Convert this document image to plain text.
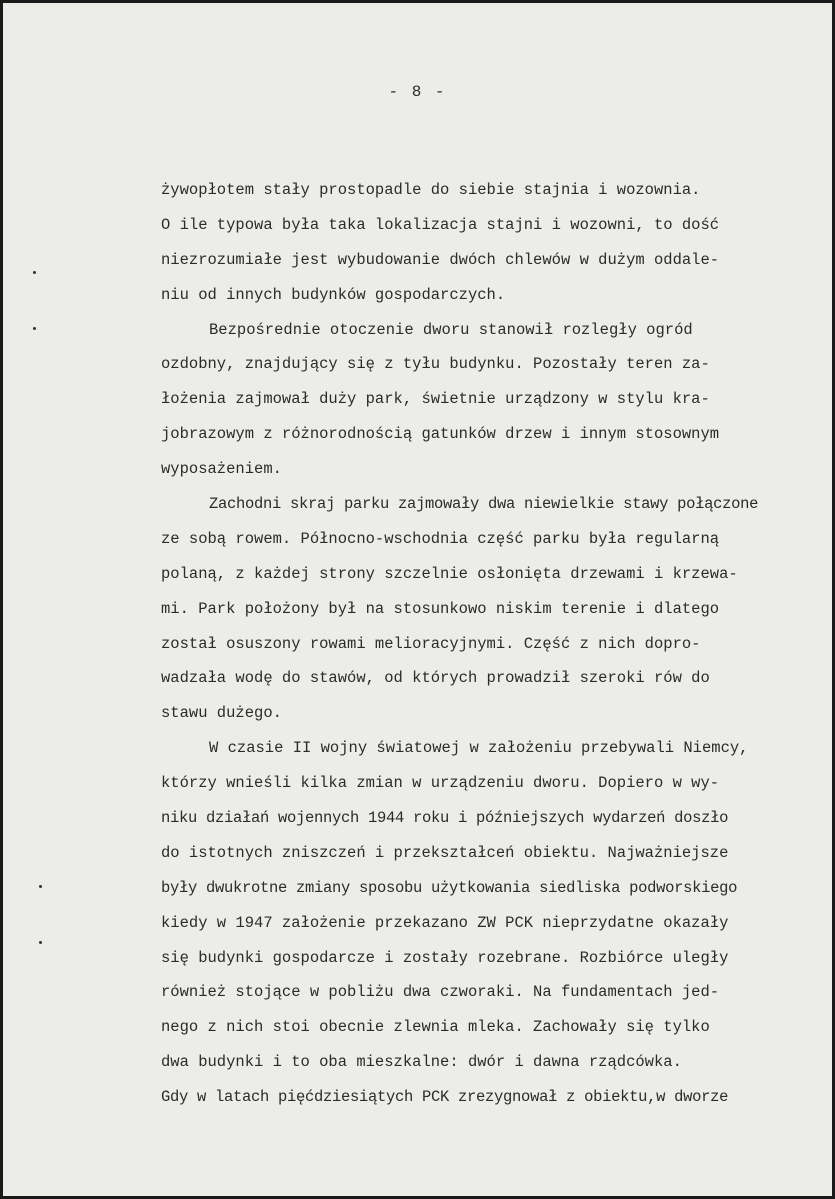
- 8 -
żywopłotem stały prostopadle do siebie stajnia i wozownia.
O ile typowa była taka lokalizacja stajni i wozowni, to dość
niezrozumiałe jest wybudowanie dwóch chlewów w dużym oddale-
niu od innych budynków gospodarczych.
Bezpośrednie otoczenie dworu stanowił rozległy ogród
ozdobny, znajdujący się z tyłu budynku. Pozostały teren za-
łożenia zajmował duży park, świetnie urządzony w stylu kra-
jobrazowym z różnorodnością gatunków drzew i innym stosownym
wyposażeniem.
Zachodni skraj parku zajmowały dwa niewielkie stawy połączone
ze sobą rowem. Północno-wschodnia część parku była regularną
polaną, z każdej strony szczelnie osłonięta drzewami i krzewa-
mi. Park położony był na stosunkowo niskim terenie i dlatego
został osuszony rowami melioracyjnymi. Część z nich dopro-
wadzała wodę do stawów, od których prowadził szeroki rów do
stawu dużego.
W czasie II wojny światowej w założeniu przebywali Niemcy,
którzy wnieśli kilka zmian w urządzeniu dworu. Dopiero w wy-
niku działań wojennych 1944 roku i późniejszych wydarzeń doszło
do istotnych zniszczeń i przekształceń obiektu. Najważniejsze
były dwukrotne zmiany sposobu użytkowania siedliska podworskiego
kiedy w 1947 założenie przekazano ZW PCK nieprzydatne okazały
się budynki gospodarcze i zostały rozebrane. Rozbiórce uległy
również stojące w pobliżu dwa czworaki. Na fundamentach jed-
nego z nich stoi obecnie zlewnia mleka. Zachowały się tylko
dwa budynki i to oba mieszkalne: dwór i dawna rządcówka.
Gdy w latach pięćdziesiątych PCK zrezygnował z obiektu,w dworze
